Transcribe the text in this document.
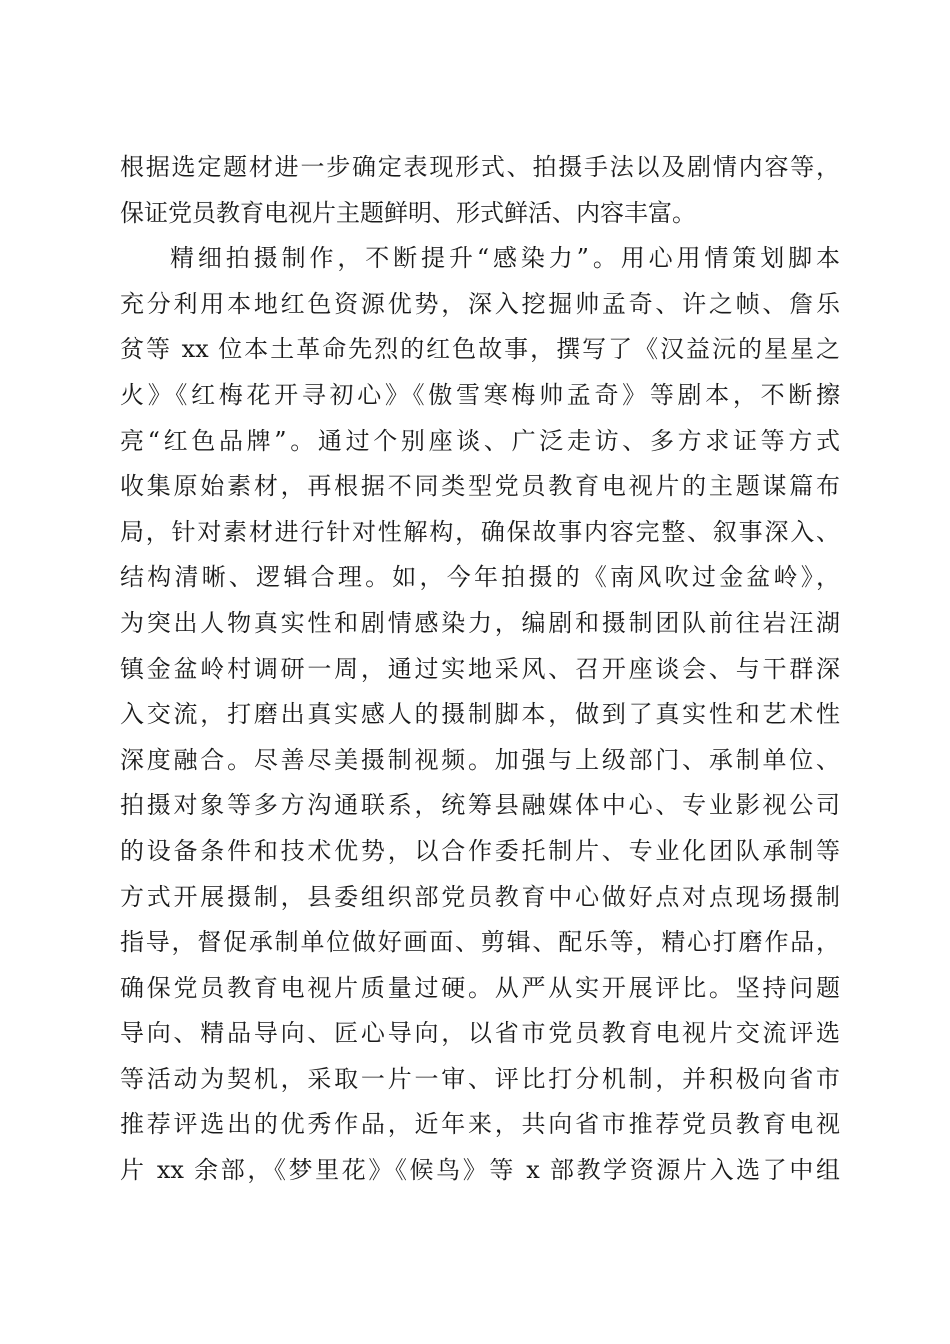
根据选定题材进一步确定表现形式、拍摄手法以及剧情内容等，
保证党员教育电视片主题鲜明、形式鲜活、内容丰富。
精细拍摄制作，不断提升“感染力”。用心用情策划脚本
充分利用本地红色资源优势，深入挖掘帅孟奇、许之帧、詹乐
贫等 xx 位本土革命先烈的红色故事，撰写了《汉益沅的星星之
火》《红梅花开寻初心》《傲雪寒梅帅孟奇》等剧本，不断擦
亮“红色品牌”。通过个别座谈、广泛走访、多方求证等方式
收集原始素材，再根据不同类型党员教育电视片的主题谋篇布
局，针对素材进行针对性解构，确保故事内容完整、叙事深入、
结构清晰、逻辑合理。如，今年拍摄的《南风吹过金盆岭》，
为突出人物真实性和剧情感染力，编剧和摄制团队前往岩汪湖
镇金盆岭村调研一周，通过实地采风、召开座谈会、与干群深
入交流，打磨出真实感人的摄制脚本，做到了真实性和艺术性
深度融合。尽善尽美摄制视频。加强与上级部门、承制单位、
拍摄对象等多方沟通联系，统筹县融媒体中心、专业影视公司
的设备条件和技术优势，以合作委托制片、专业化团队承制等
方式开展摄制，县委组织部党员教育中心做好点对点现场摄制
指导，督促承制单位做好画面、剪辑、配乐等，精心打磨作品，
确保党员教育电视片质量过硬。从严从实开展评比。坚持问题
导向、精品导向、匠心导向，以省市党员教育电视片交流评选
等活动为契机，采取一片一审、评比打分机制，并积极向省市
推荐评选出的优秀作品，近年来，共向省市推荐党员教育电视
片 xx 余部，《梦里花》《候鸟》等 x 部教学资源片入选了中组
